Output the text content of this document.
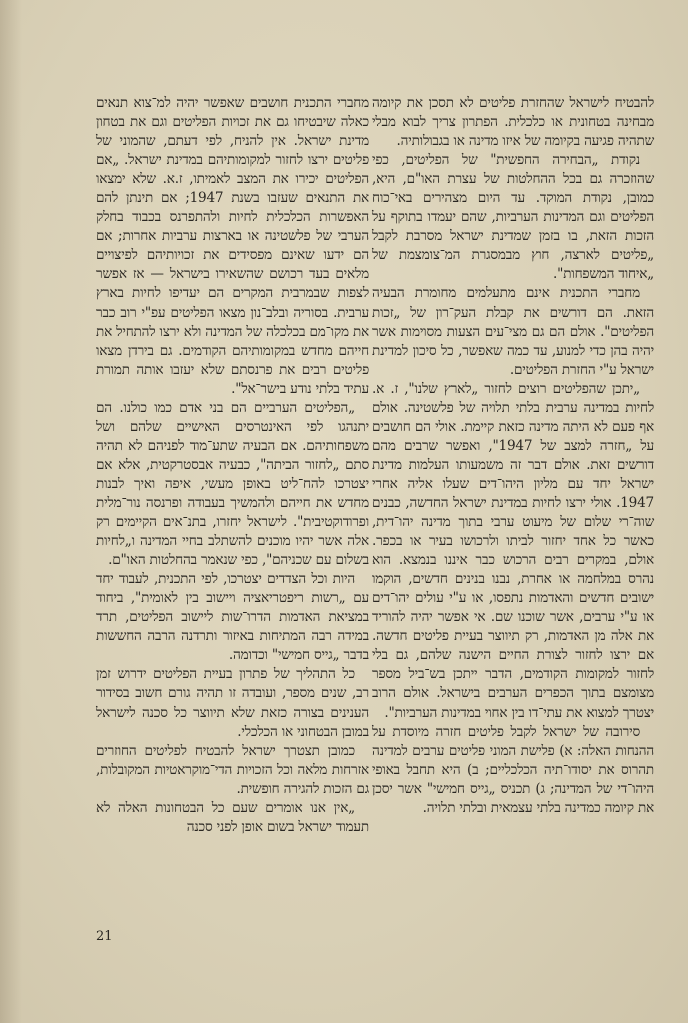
להבטיח לישראל שהחזרת פליטים לא תסכן את קיומה מבחינה בטחונית או כלכלית. הפתרון צריך לבוא מבלי שתהיה פגיעה בקיומה של איזו מדינה או בגבולותיה.

נקודת „הבחירה החפשית" של הפליטים, כפי שהוזכרה גם בכל ההחלטות של עצרת האו"ם, היא, כמובן, נקודת המוקד. עד היום מצהירים באי־כוח הפליטים וגם המדינות הערביות, שהם יעמדו בתוקף על הזכות הזאת, בו בזמן שמדינת ישראל מסרבת לקבל „פליטים לארצה, חוץ מבמסגרת המ־צומצמת של „איחוד המשפחות".

מחברי התכנית אינם מתעלמים מחומרת הבעיה הזאת. הם דורשים את קבלת העק־רון של „זכות הפליטים". אולם הם גם מצי־עים הצעות מסוימות אשר יהיה בהן כדי למנוע, עד כמה שאפשר, כל סיכון למדינת ישראל ע"י החזרת הפליטים.

„יתכן שהפליטים רוצים לחזור „לארץ שלנו", ז. א. לחיות במדינה ערבית בלתי תלויה של פלשטינה. אולם אף פעם לא היתה מדינה כזאת קיימת. אולי הם חושבים על „חזרה למצב של 1947", ואפשר שרבים מהם דורשים זאת. אולם דבר זה משמעותו העלמות מדינת ישראל יחד עם מליון היהו־דים שעלו אליה אחרי 1947. אולי ירצו לחיות במדינת ישראל החדשה, כבנים שוה־רי שלום של מיעוט ערבי בתוך מדינה יהו־דית, כאשר כל אחד יחזור לביתו ולרכושו בעיר או בכפר. אולם, במקרים רבים הרכוש כבר איננו בנמצא. הוא נהרס במלחמה או אחרת, נבנו בנינים חדשים, הוקמו ישובים חדשים והאדמות נתפסו, או ע"י עולים יהו־דים או ע"י ערבים, אשר שוכנו שם. אי אפשר יהיה להוריד את אלה מן האדמות, רק תיווצר בעיית פליטים חדשה. אם ירצו לחזור לצורת החיים הישנה שלהם, גם בלי לחזור למקומות הקודמים, הדבר ייתכן בש־ביל מספר מצומצם בתוך הכפרים הערבים בישראל. אולם הרוב יצטרך למצוא את עתי־דו בין אחוי במדינות הערביות".

סירובה של ישראל לקבל פליטים חזרה מיוסדת על ההנחות האלה: א) פלישת המוני פליטים ערבים למדינה תהרוס את יסודו־תיה הכלכליים; ב) היא תחבל באופי היהו־די של המדינה; ג) תכניס „גייס חמישי" אשר יסכן את קיומה כמדינה בלתי עצמאית ובלתי תלויה.

מחברי התכנית חושבים שאפשר יהיה למ־צוא תנאים כאלה שיבטיחו גם את זכויות הפליטים וגם את בטחון מדינת ישראל. אין להניח, לפי דעתם, שהמוני של פליטים ירצו לחזור למקומותיהם במדינת ישראל. „אם הפליטים יכירו את המצב לאמיתו, ז.א. שלא ימצאו את התנאים שעזבו בשנת 1947; אם תינתן להם האפשרות הכלכלית לחיות ולהתפרנס בכבוד בחלק הערבי של פלשטינה או בארצות ערביות אחרות; אם הם ידעו שאינם מפסידים את זכויותיהם לפיצויים מלאים בעד רכושם שהשאירו בישראל — אז אפשר לצפות שבמרבית המקרים הם יעדיפו לחיות בארץ ערבית. בסוריה ובלב־נון מצאו הפליטים עפ"י רוב כבר את מקו־מם בכלכלה של המדינה ולא ירצו להתחיל את חייהם מחדש במקומותיהם הקודמים. גם בירדן מצאו פליטים רבים את פרנסתם שלא יעזבו אותה תמורת עתיד בלתי נודע בישר־אל".

„הפליטים הערביים הם בני אדם כמו כולנו. הם יתנהגו לפי האינטרסים האישיים שלהם ושל משפחותיהם. אם הבעיה שתע־מוד לפניהם לא תהיה סתם „לחזור הביתה", כבעיה אבסטרקטית, אלא אם יצטרכו להח־ליט באופן מעשי, איפה ואיך לבנות מחדש את חייהם ולהמשיך בעבודה ופרנסה נור־מלית ופרודוקטיבית". לישראל יחזרו, בתנ־אים הקיימים רק אלה אשר יהיו מוכנים להשתלב בחיי המדינה ו„לחיות בשלום עם שכניהם", כפי שנאמר בהחלטות האו"ם.

היות וכל הצדדים יצטרכו, לפי התכנית, לעבוד יחד עם „רשות ריפטריאציה ויישוב בין לאומית", ביחוד במציאת האדמות הדרו־שות ליישוב הפליטים, תרד במידה רבה המתיחות באיזור ותרדנה הרבה החששות בדבר „גייס חמישי" וכדומה.

כל התהליך של פתרון בעיית הפליטים ידרוש זמן רב, שנים מספר, ועובדה זו תהיה גורם חשוב בסידור הענינים בצורה כזאת שלא תיווצר כל סכנה לישראל במובן הבטחוני או הכלכלי.

כמובן תצטרך ישראל להבטיח לפליטים החוזרים אזרחות מלאה וכל הזכויות הדי־מוקראטיות המקובלות, גם הזכות להגירה חופשית.

„אין אנו אומרים שעם כל הבטחונות האלה לא תעמוד ישראל בשום אופן לפני סכנה

21
